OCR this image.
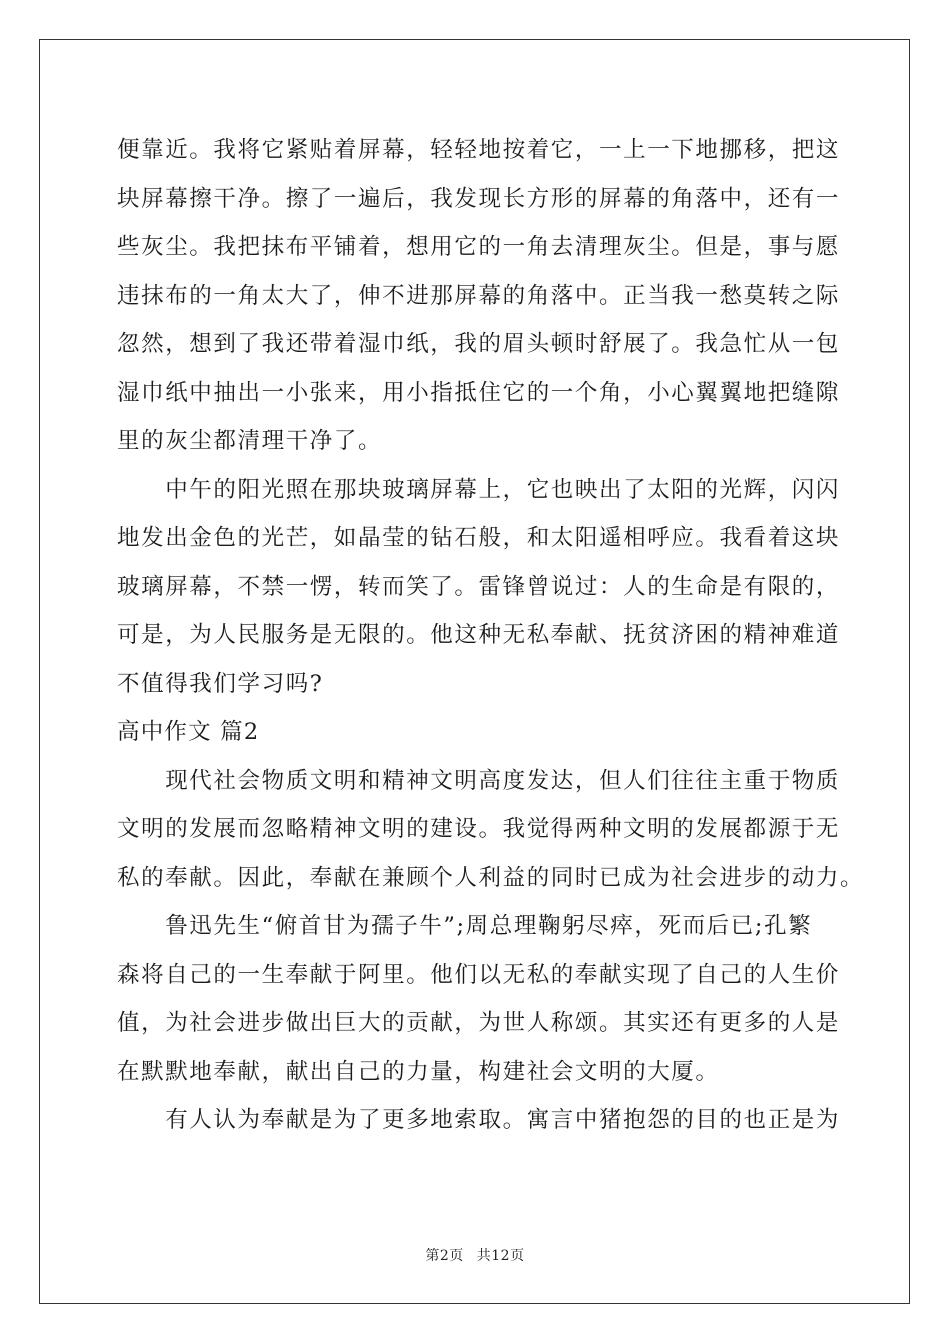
便靠近。我将它紧贴着屏幕，轻轻地按着它，一上一下地挪移，把这
块屏幕擦干净。擦了一遍后，我发现长方形的屏幕的角落中，还有一
些灰尘。我把抹布平铺着，想用它的一角去清理灰尘。但是，事与愿
违抹布的一角太大了，伸不进那屏幕的角落中。正当我一愁莫转之际
忽然，想到了我还带着湿巾纸，我的眉头顿时舒展了。我急忙从一包
湿巾纸中抽出一小张来，用小指抵住它的一个角，小心翼翼地把缝隙
里的灰尘都清理干净了。
　　中午的阳光照在那块玻璃屏幕上，它也映出了太阳的光辉，闪闪
地发出金色的光芒，如晶莹的钻石般，和太阳遥相呼应。我看着这块
玻璃屏幕，不禁一愣，转而笑了。雷锋曾说过：人的生命是有限的，
可是，为人民服务是无限的。他这种无私奉献、抚贫济困的精神难道
不值得我们学习吗?
高中作文 篇2
　　现代社会物质文明和精神文明高度发达，但人们往往主重于物质
文明的发展而忽略精神文明的建设。我觉得两种文明的发展都源于无
私的奉献。因此，奉献在兼顾个人利益的同时已成为社会进步的动力。
　　鲁迅先生“俯首甘为孺子牛”;周总理鞠躬尽瘁，死而后已;孔繁
森将自己的一生奉献于阿里。他们以无私的奉献实现了自己的人生价
值，为社会进步做出巨大的贡献，为世人称颂。其实还有更多的人是
在默默地奉献，献出自己的力量，构建社会文明的大厦。
　　有人认为奉献是为了更多地索取。寓言中猪抱怨的目的也正是为
第2页 共12页
